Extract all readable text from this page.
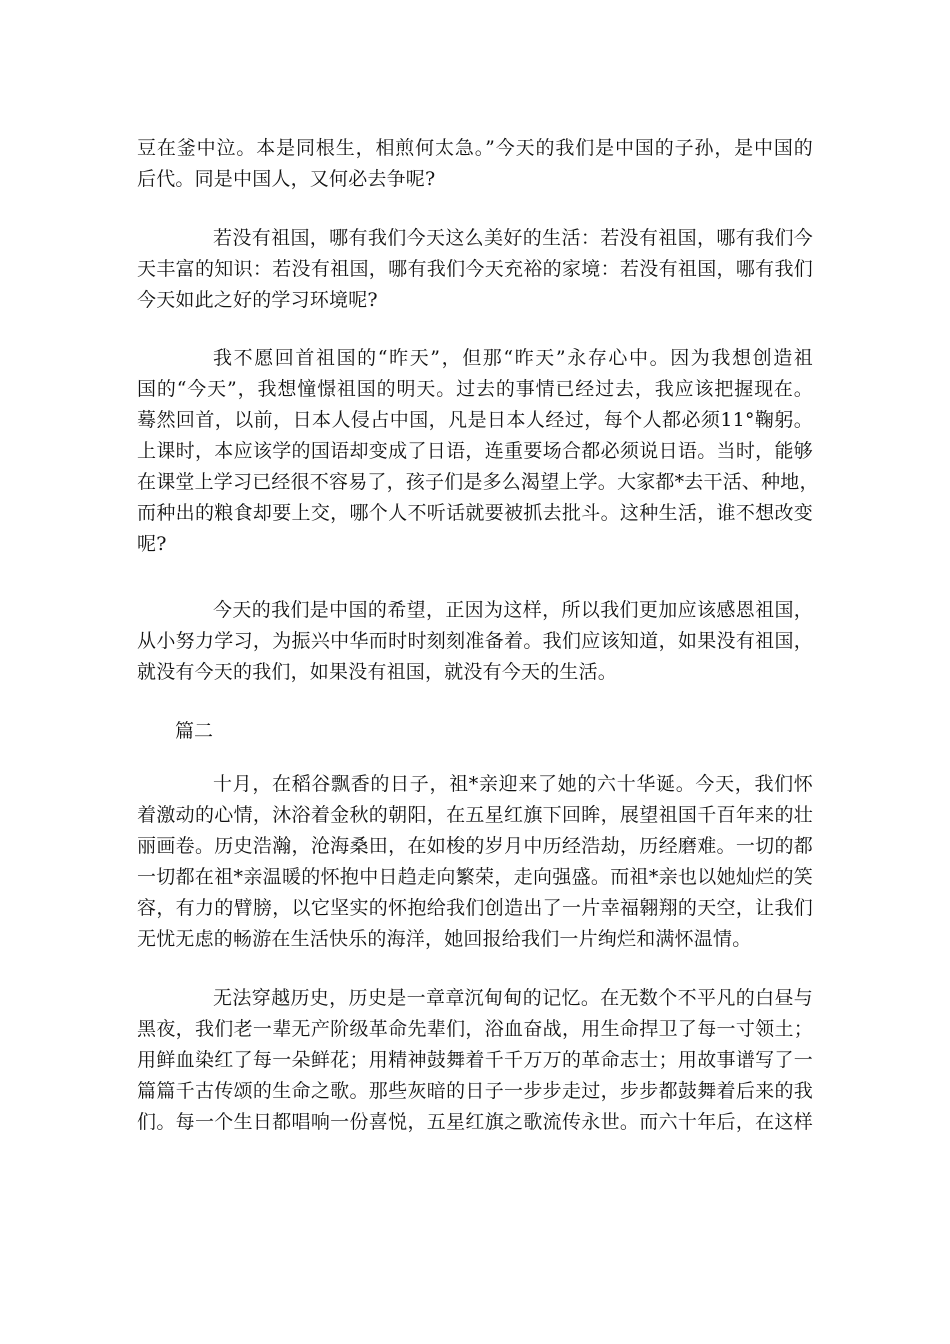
豆在釜中泣。本是同根生，相煎何太急。”今天的我们是中国的子孙，是中国的
后代。同是中国人，又何必去争呢?
若没有祖国，哪有我们今天这么美好的生活：若没有祖国，哪有我们今
天丰富的知识：若没有祖国，哪有我们今天充裕的家境：若没有祖国，哪有我们
今天如此之好的学习环境呢?
我不愿回首祖国的“昨天”，但那“昨天”永存心中。因为我想创造祖
国的“今天”，我想憧憬祖国的明天。过去的事情已经过去，我应该把握现在。
蓦然回首，以前，日本人侵占中国，凡是日本人经过，每个人都必须11°鞠躬。
上课时，本应该学的国语却变成了日语，连重要场合都必须说日语。当时，能够
在课堂上学习已经很不容易了，孩子们是多么渴望上学。大家都*去干活、种地，
而种出的粮食却要上交，哪个人不听话就要被抓去批斗。这种生活，谁不想改变
呢?
今天的我们是中国的希望，正因为这样，所以我们更加应该感恩祖国，
从小努力学习，为振兴中华而时时刻刻准备着。我们应该知道，如果没有祖国，
就没有今天的我们，如果没有祖国，就没有今天的生活。

篇二

十月，在稻谷飘香的日子，祖*亲迎来了她的六十华诞。今天，我们怀
着激动的心情，沐浴着金秋的朝阳，在五星红旗下回眸，展望祖国千百年来的壮
丽画卷。历史浩瀚，沧海桑田，在如梭的岁月中历经浩劫，历经磨难。一切的都
一切都在祖*亲温暖的怀抱中日趋走向繁荣，走向强盛。而祖*亲也以她灿烂的笑
容，有力的臂膀，以它坚实的怀抱给我们创造出了一片幸福翱翔的天空，让我们
无忧无虑的畅游在生活快乐的海洋，她回报给我们一片绚烂和满怀温情。
无法穿越历史，历史是一章章沉甸甸的记忆。在无数个不平凡的白昼与
黑夜，我们老一辈无产阶级革命先辈们，浴血奋战，用生命捍卫了每一寸领土；
用鲜血染红了每一朵鲜花；用精神鼓舞着千千万万的革命志士；用故事谱写了一
篇篇千古传颂的生命之歌。那些灰暗的日子一步步走过，步步都鼓舞着后来的我
们。每一个生日都唱响一份喜悦，五星红旗之歌流传永世。而六十年后，在这样
